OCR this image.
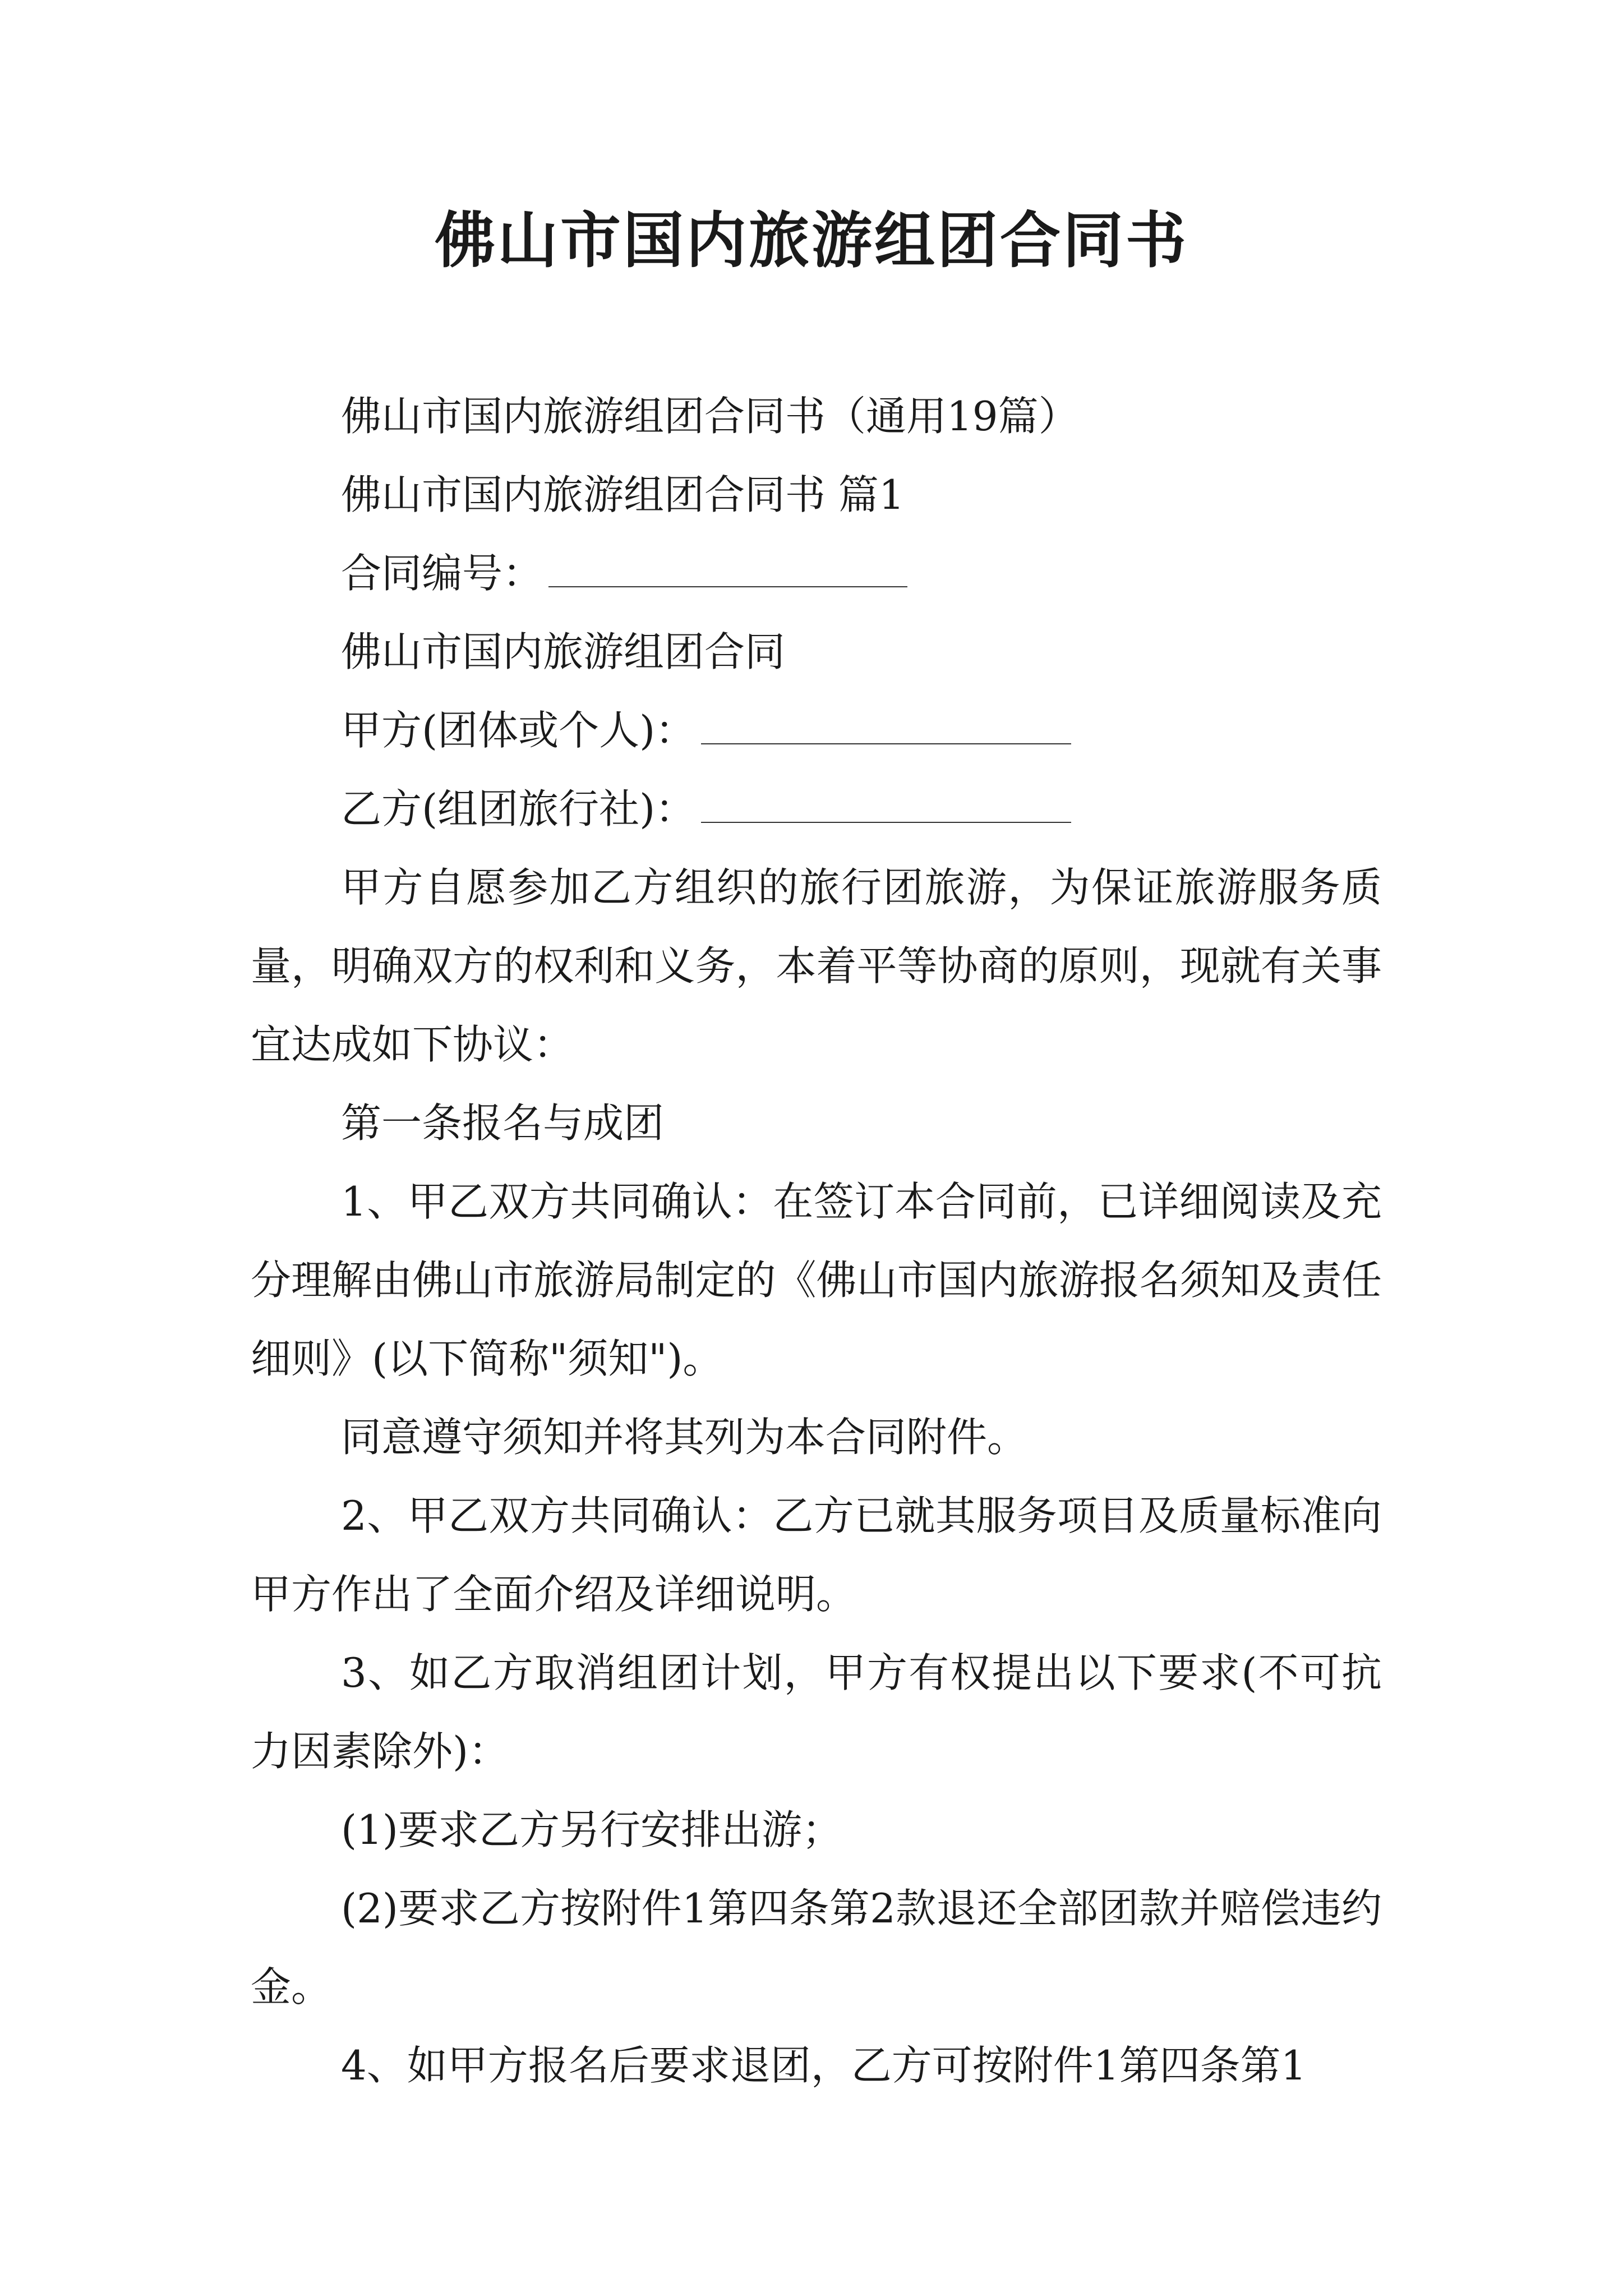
佛山市国内旅游组团合同书

佛山市国内旅游组团合同书（通用19篇）

佛山市国内旅游组团合同书 篇1

合同编号：

佛山市国内旅游组团合同

甲方(团体或个人)：

乙方(组团旅行社)：

甲方自愿参加乙方组织的旅行团旅游，为保证旅游服务质量，明确双方的权利和义务，本着平等协商的原则，现就有关事宜达成如下协议：

第一条报名与成团

1、甲乙双方共同确认：在签订本合同前，已详细阅读及充分理解由佛山市旅游局制定的《佛山市国内旅游报名须知及责任细则》(以下简称"须知")。

同意遵守须知并将其列为本合同附件。

2、甲乙双方共同确认：乙方已就其服务项目及质量标准向甲方作出了全面介绍及详细说明。

3、如乙方取消组团计划，甲方有权提出以下要求(不可抗力因素除外)：

(1)要求乙方另行安排出游；

(2)要求乙方按附件1第四条第2款退还全部团款并赔偿违约金。

4、如甲方报名后要求退团，乙方可按附件1第四条第1
